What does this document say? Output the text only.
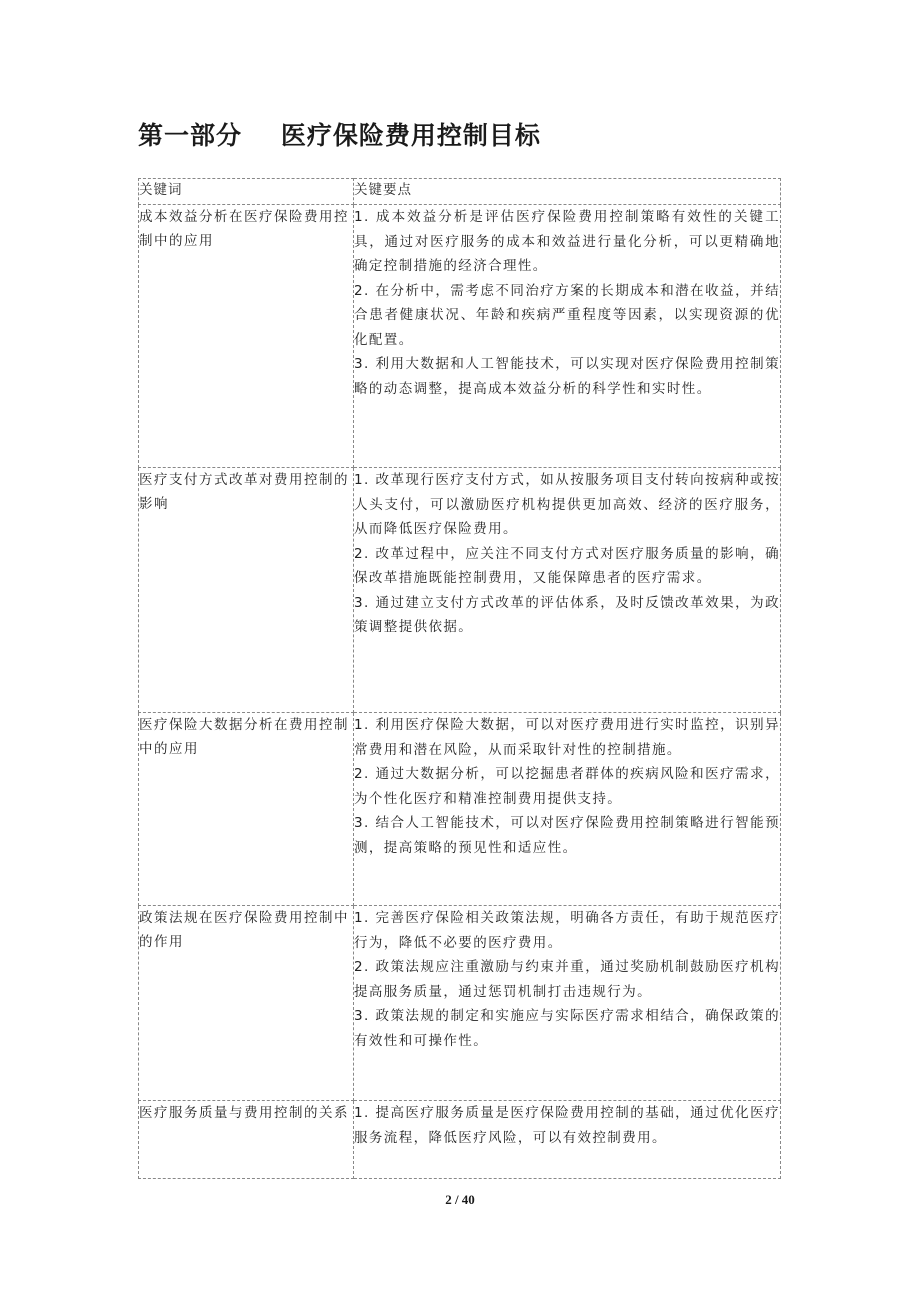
第一部分    医疗保险费用控制目标
关键词	关键要点
成本效益分析在医疗保险费用控制中的应用	1. 成本效益分析是评估医疗保险费用控制策略有效性的关键工具，通过对医疗服务的成本和效益进行量化分析，可以更精确地确定控制措施的经济合理性。
2. 在分析中，需考虑不同治疗方案的长期成本和潜在收益，并结合患者健康状况、年龄和疾病严重程度等因素，以实现资源的优化配置。
3. 利用大数据和人工智能技术，可以实现对医疗保险费用控制策略的动态调整，提高成本效益分析的科学性和实时性。

医疗支付方式改革对费用控制的影响	1. 改革现行医疗支付方式，如从按服务项目支付转向按病种或按人头支付，可以激励医疗机构提供更加高效、经济的医疗服务，从而降低医疗保险费用。
2. 改革过程中，应关注不同支付方式对医疗服务质量的影响，确保改革措施既能控制费用，又能保障患者的医疗需求。
3. 通过建立支付方式改革的评估体系，及时反馈改革效果，为政策调整提供依据。

医疗保险大数据分析在费用控制中的应用	1. 利用医疗保险大数据，可以对医疗费用进行实时监控，识别异常费用和潜在风险，从而采取针对性的控制措施。
2. 通过大数据分析，可以挖掘患者群体的疾病风险和医疗需求，为个性化医疗和精准控制费用提供支持。
3. 结合人工智能技术，可以对医疗保险费用控制策略进行智能预测，提高策略的预见性和适应性。

政策法规在医疗保险费用控制中的作用	1. 完善医疗保险相关政策法规，明确各方责任，有助于规范医疗行为，降低不必要的医疗费用。
2. 政策法规应注重激励与约束并重，通过奖励机制鼓励医疗机构提高服务质量，通过惩罚机制打击违规行为。
3. 政策法规的制定和实施应与实际医疗需求相结合，确保政策的有效性和可操作性。

医疗服务质量与费用控制的关系	1. 提高医疗服务质量是医疗保险费用控制的基础，通过优化医疗服务流程，降低医疗风险，可以有效控制费用。
2 / 40
